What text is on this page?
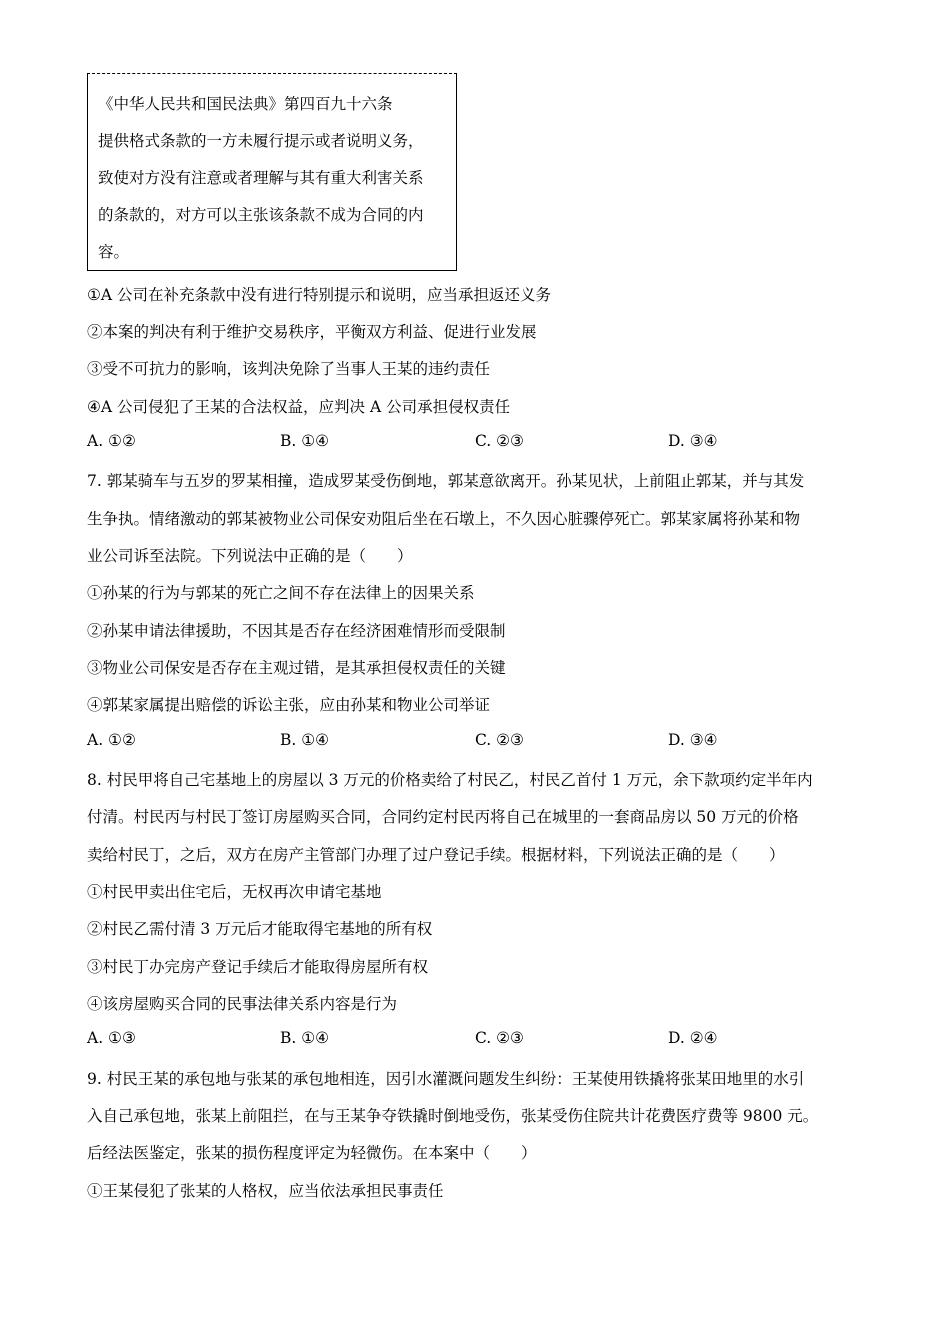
《中华人民共和国民法典》第四百九十六条
提供格式条款的一方未履行提示或者说明义务，
致使对方没有注意或者理解与其有重大利害关系
的条款的，对方可以主张该条款不成为合同的内
容。
①A 公司在补充条款中没有进行特别提示和说明，应当承担返还义务
②本案的判决有利于维护交易秩序，平衡双方利益、促进行业发展
③受不可抗力的影响，该判决免除了当事人王某的违约责任
④A 公司侵犯了王某的合法权益，应判决 A 公司承担侵权责任
A. ①②	B. ①④	C. ②③	D. ③④
7. 郭某骑车与五岁的罗某相撞，造成罗某受伤倒地，郭某意欲离开。孙某见状，上前阻止郭某，并与其发
生争执。情绪激动的郭某被物业公司保安劝阻后坐在石墩上，不久因心脏骤停死亡。郭某家属将孙某和物
业公司诉至法院。下列说法中正确的是（　　）
①孙某的行为与郭某的死亡之间不存在法律上的因果关系
②孙某申请法律援助，不因其是否存在经济困难情形而受限制
③物业公司保安是否存在主观过错，是其承担侵权责任的关键
④郭某家属提出赔偿的诉讼主张，应由孙某和物业公司举证
A. ①②	B. ①④	C. ②③	D. ③④
8. 村民甲将自己宅基地上的房屋以 3 万元的价格卖给了村民乙，村民乙首付 1 万元，余下款项约定半年内
付清。村民丙与村民丁签订房屋购买合同，合同约定村民丙将自己在城里的一套商品房以 50 万元的价格
卖给村民丁，之后，双方在房产主管部门办理了过户登记手续。根据材料，下列说法正确的是（　　）
①村民甲卖出住宅后，无权再次申请宅基地
②村民乙需付清 3 万元后才能取得宅基地的所有权
③村民丁办完房产登记手续后才能取得房屋所有权
④该房屋购买合同的民事法律关系内容是行为
A. ①③	B. ①④	C. ②③	D. ②④
9. 村民王某的承包地与张某的承包地相连，因引水灌溉问题发生纠纷：王某使用铁撬将张某田地里的水引
入自己承包地，张某上前阻拦，在与王某争夺铁撬时倒地受伤，张某受伤住院共计花费医疗费等 9800 元。
后经法医鉴定，张某的损伤程度评定为轻微伤。在本案中（　　）
①王某侵犯了张某的人格权，应当依法承担民事责任
